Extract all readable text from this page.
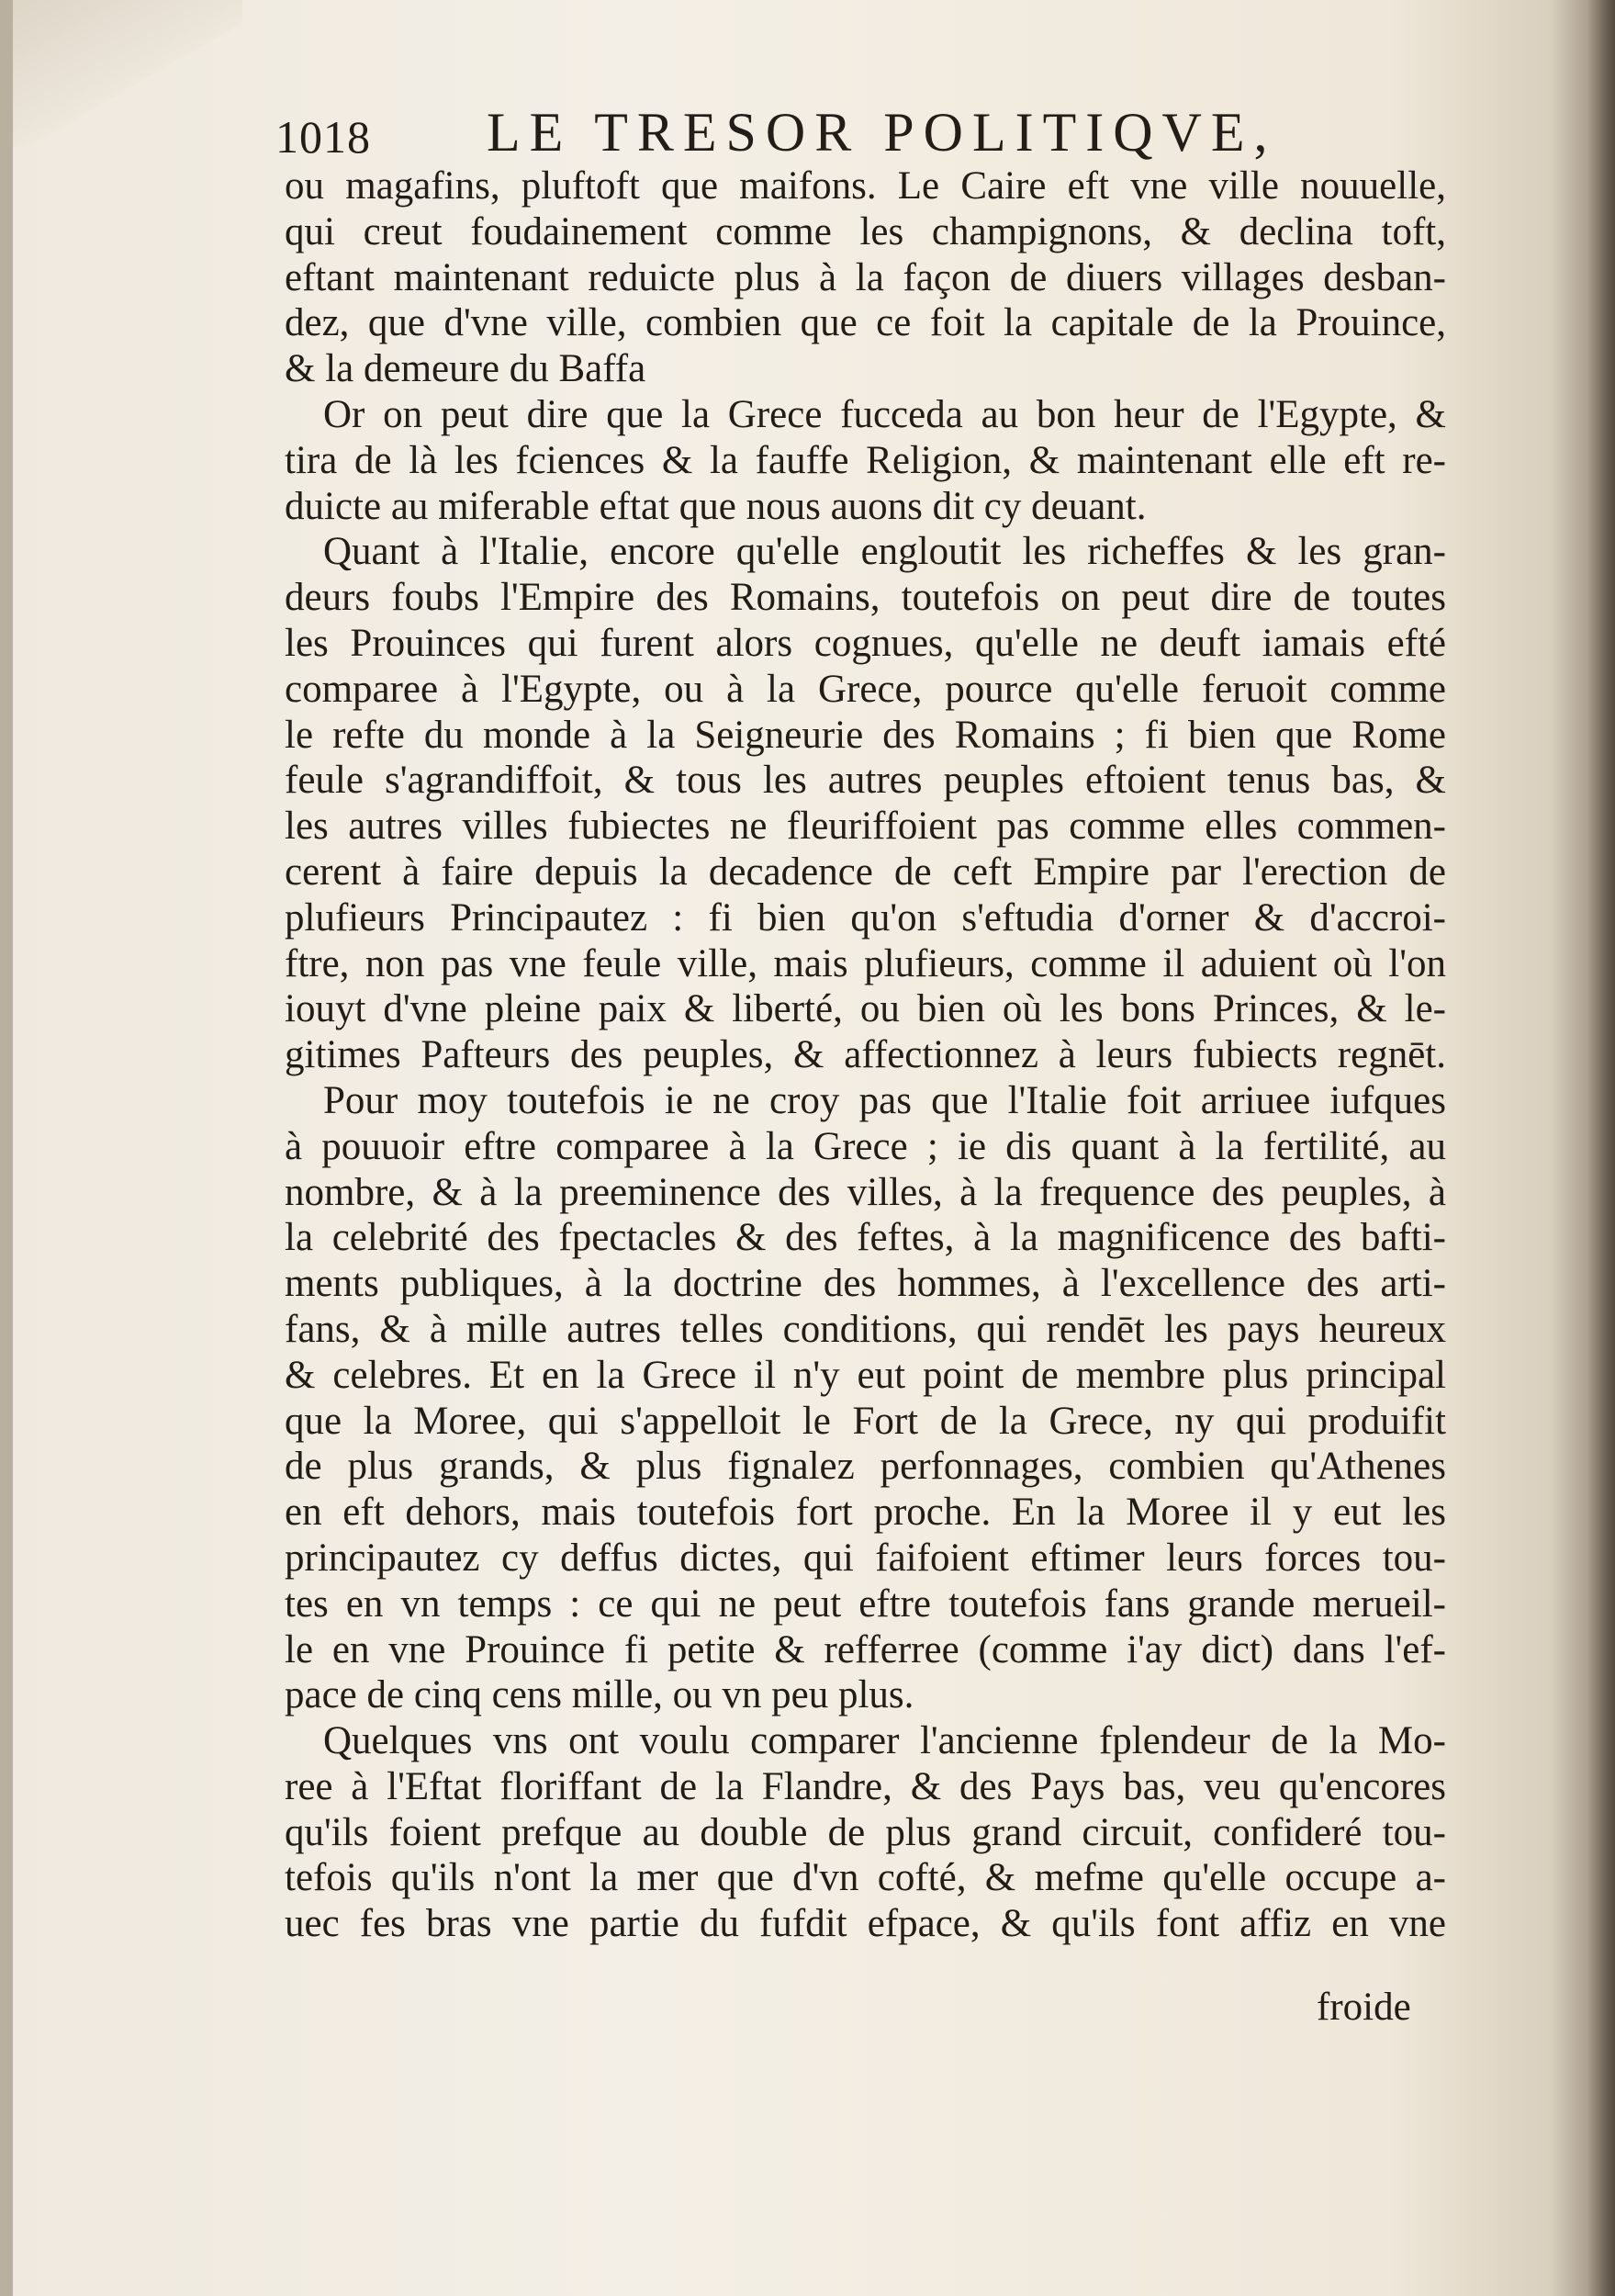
1018 LE TRESOR POLITIQVE,
ou magafins, pluftoft que maifons. Le Caire eft vne ville nouuelle,
qui creut foudainement comme les champignons, & declina toft,
eftant maintenant reduicte plus à la façon de diuers villages desban-
dez, que d'vne ville, combien que ce foit la capitale de la Prouince,
& la demeure du Baffa
Or on peut dire que la Grece fucceda au bon heur de l'Egypte, &
tira de là les fciences & la fauffe Religion, & maintenant elle eft re-
duicte au miferable eftat que nous auons dit cy deuant.
Quant à l'Italie, encore qu'elle engloutit les richeffes & les gran-
deurs foubs l'Empire des Romains, toutefois on peut dire de toutes
les Prouinces qui furent alors cognues, qu'elle ne deuft iamais efté
comparee à l'Egypte, ou à la Grece, pource qu'elle feruoit comme
le refte du monde à la Seigneurie des Romains ; fi bien que Rome
feule s'agrandiffoit, & tous les autres peuples eftoient tenus bas, &
les autres villes fubiectes ne fleuriffoient pas comme elles commen-
cerent à faire depuis la decadence de ceft Empire par l'erection de
plufieurs Principautez : fi bien qu'on s'eftudia d'orner & d'accroi-
ftre, non pas vne feule ville, mais plufieurs, comme il aduient où l'on
iouyt d'vne pleine paix & liberté, ou bien où les bons Princes, & le-
gitimes Pafteurs des peuples, & affectionnez à leurs fubiects regnēt.
Pour moy toutefois ie ne croy pas que l'Italie foit arriuee iufques
à pouuoir eftre comparee à la Grece ; ie dis quant à la fertilité, au
nombre, & à la preeminence des villes, à la frequence des peuples, à
la celebrité des fpectacles & des feftes, à la magnificence des bafti-
ments publiques, à la doctrine des hommes, à l'excellence des arti-
fans, & à mille autres telles conditions, qui rendēt les pays heureux
& celebres. Et en la Grece il n'y eut point de membre plus principal
que la Moree, qui s'appelloit le Fort de la Grece, ny qui produifit
de plus grands, & plus fignalez perfonnages, combien qu'Athenes
en eft dehors, mais toutefois fort proche. En la Moree il y eut les
principautez cy deffus dictes, qui faifoient eftimer leurs forces tou-
tes en vn temps : ce qui ne peut eftre toutefois fans grande merueil-
le en vne Prouince fi petite & refferree (comme i'ay dict) dans l'ef-
pace de cinq cens mille, ou vn peu plus.
Quelques vns ont voulu comparer l'ancienne fplendeur de la Mo-
ree à l'Eftat floriffant de la Flandre, & des Pays bas, veu qu'encores
qu'ils foient prefque au double de plus grand circuit, confideré tou-
tefois qu'ils n'ont la mer que d'vn cofté, & mefme qu'elle occupe a-
uec fes bras vne partie du fufdit efpace, & qu'ils font affiz en vne
froide
